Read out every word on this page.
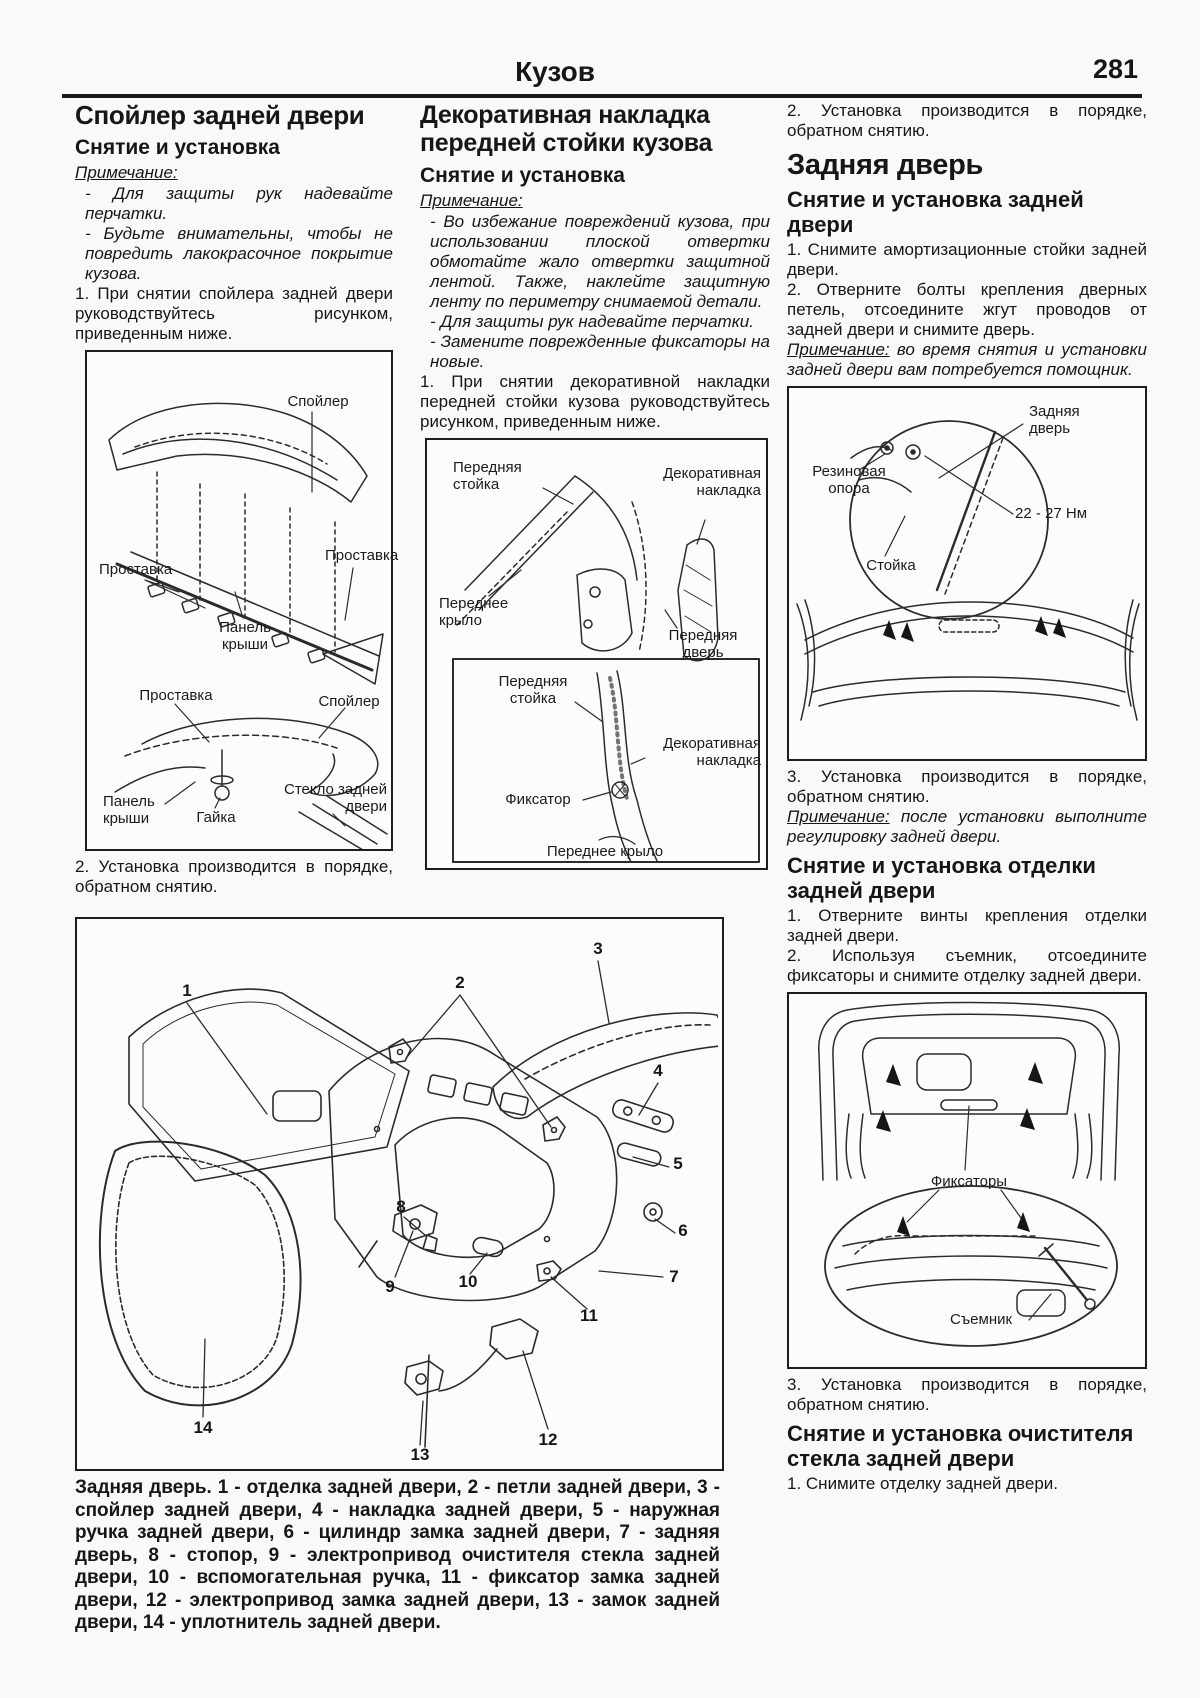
Кузов	281
Спойлер задней двери
Снятие и установка

Примечание:

- Для защиты рук надевайте перчатки.

- Будьте внимательны, чтобы не повредить лакокрасочное покрытие кузова.

1. При снятии спойлера задней двери руководствуйтесь рисунком, приведенным ниже.

Спойлер
Проставка
Проставка
Панель крыши
Проставка	Спойлер
Панель крыши	Гайка
Стекло задней двери

2. Установка производится в порядке, обратном снятию.

Декоративная накладка передней стойки кузова
Снятие и установка

Примечание:

- Во избежание повреждений кузова, при использовании плоской отвертки обмотайте жало отвертки защитной лентой. Также, наклейте защитную ленту по периметру снимаемой детали.

- Для защиты рук надевайте перчатки.

- Замените поврежденные фиксаторы на новые.

1. При снятии декоративной накладки передней стойки кузова руководствуйтесь рисунком, приведенным ниже.

Передняя стойка
Декоративная накладка
Переднее крыло
Передняя дверь
Передняя стойка
Декоративная накладка
Фиксатор
Переднее крыло

2. Установка производится в порядке, обратном снятию.

Задняя дверь
Снятие и установка задней двери

1. Снимите амортизационные стойки задней двери.

2. Отверните болты крепления дверных петель, отсоедините жгут проводов от задней двери и снимите дверь.

Примечание: во время снятия и установки задней двери вам потребуется помощник.

Задняя дверь
Резиновая опора
22 - 27 Нм
Стойка

3. Установка производится в порядке, обратном снятию.

Примечание: после установки выполните регулировку задней двери.

Снятие и установка отделки задней двери

1. Отверните винты крепления отделки задней двери.

2. Используя съемник, отсоедините фиксаторы и снимите отделку задней двери.

Фиксаторы
Съемник

3. Установка производится в порядке, обратном снятию.

Снятие и установка очистителя стекла задней двери

1. Снимите отделку задней двери.

1	2
3
4
5
6
7
8
9	10
11
12
13
14
Задняя дверь. 1 - отделка задней двери, 2 - петли задней двери, 3 - спойлер задней двери, 4 - накладка задней двери, 5 - наружная ручка задней двери, 6 - цилиндр замка задней двери, 7 - задняя дверь, 8 - стопор, 9 - электропривод очистителя стекла задней двери, 10 - вспомогательная ручка, 11 - фиксатор замка задней двери, 12 - электропривод замка задней двери, 13 - замок задней двери, 14 - уплотнитель задней двери.
